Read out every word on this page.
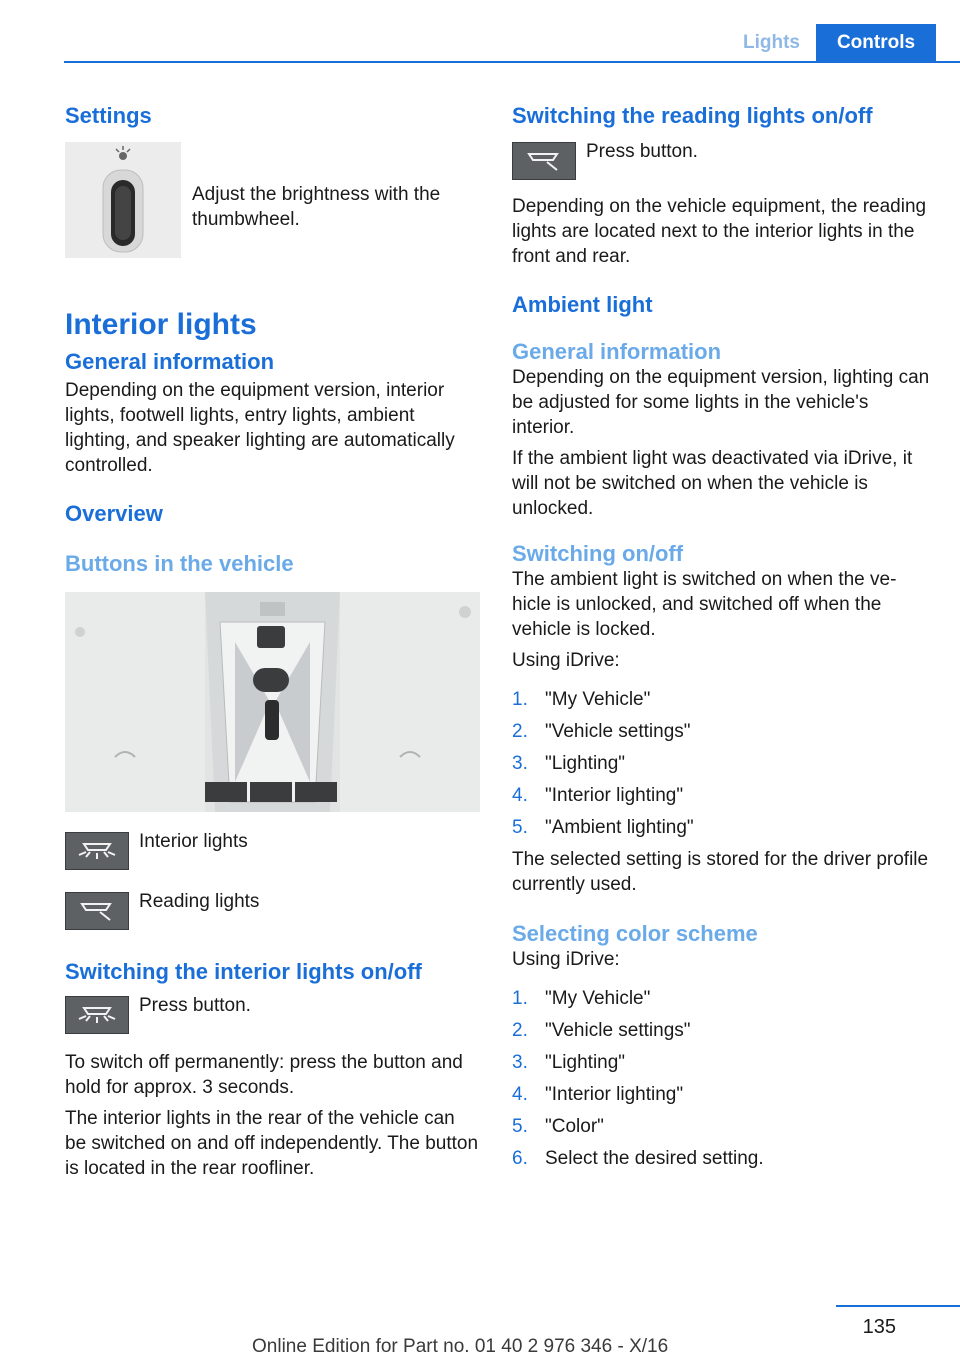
Lights	Controls
Settings

Adjust the brightness with the thumbwheel.

Interior lights
General information

Depending on the equipment version, interior lights, footwell lights, entry lights, ambient lighting, and speaker lighting are automatically controlled.

Overview
Buttons in the vehicle

Interior lights

Reading lights

Switching the interior lights on/off

Press button.

To switch off permanently: press the button and hold for approx. 3 seconds.

The interior lights in the rear of the vehicle can be switched on and off independently. The button is located in the rear roofliner.

Switching the reading lights on/off

Press button.

Depending on the vehicle equipment, the reading lights are located next to the interior lights in the front and rear.

Ambient light
General information

Depending on the equipment version, lighting can be adjusted for some lights in the vehicle's interior.

If the ambient light was deactivated via iDrive, it will not be switched on when the vehicle is unlocked.

Switching on/off

The ambient light is switched on when the ve-hicle is unlocked, and switched off when the vehicle is locked.

Using iDrive:

1. "My Vehicle"
2. "Vehicle settings"
3. "Lighting"
4. "Interior lighting"
5. "Ambient lighting"

The selected setting is stored for the driver profile currently used.

Selecting color scheme

Using iDrive:

1. "My Vehicle"
2. "Vehicle settings"
3. "Lighting"
4. "Interior lighting"
5. "Color"
6. Select the desired setting.
135
Online Edition for Part no. 01 40 2 976 346 - X/16
